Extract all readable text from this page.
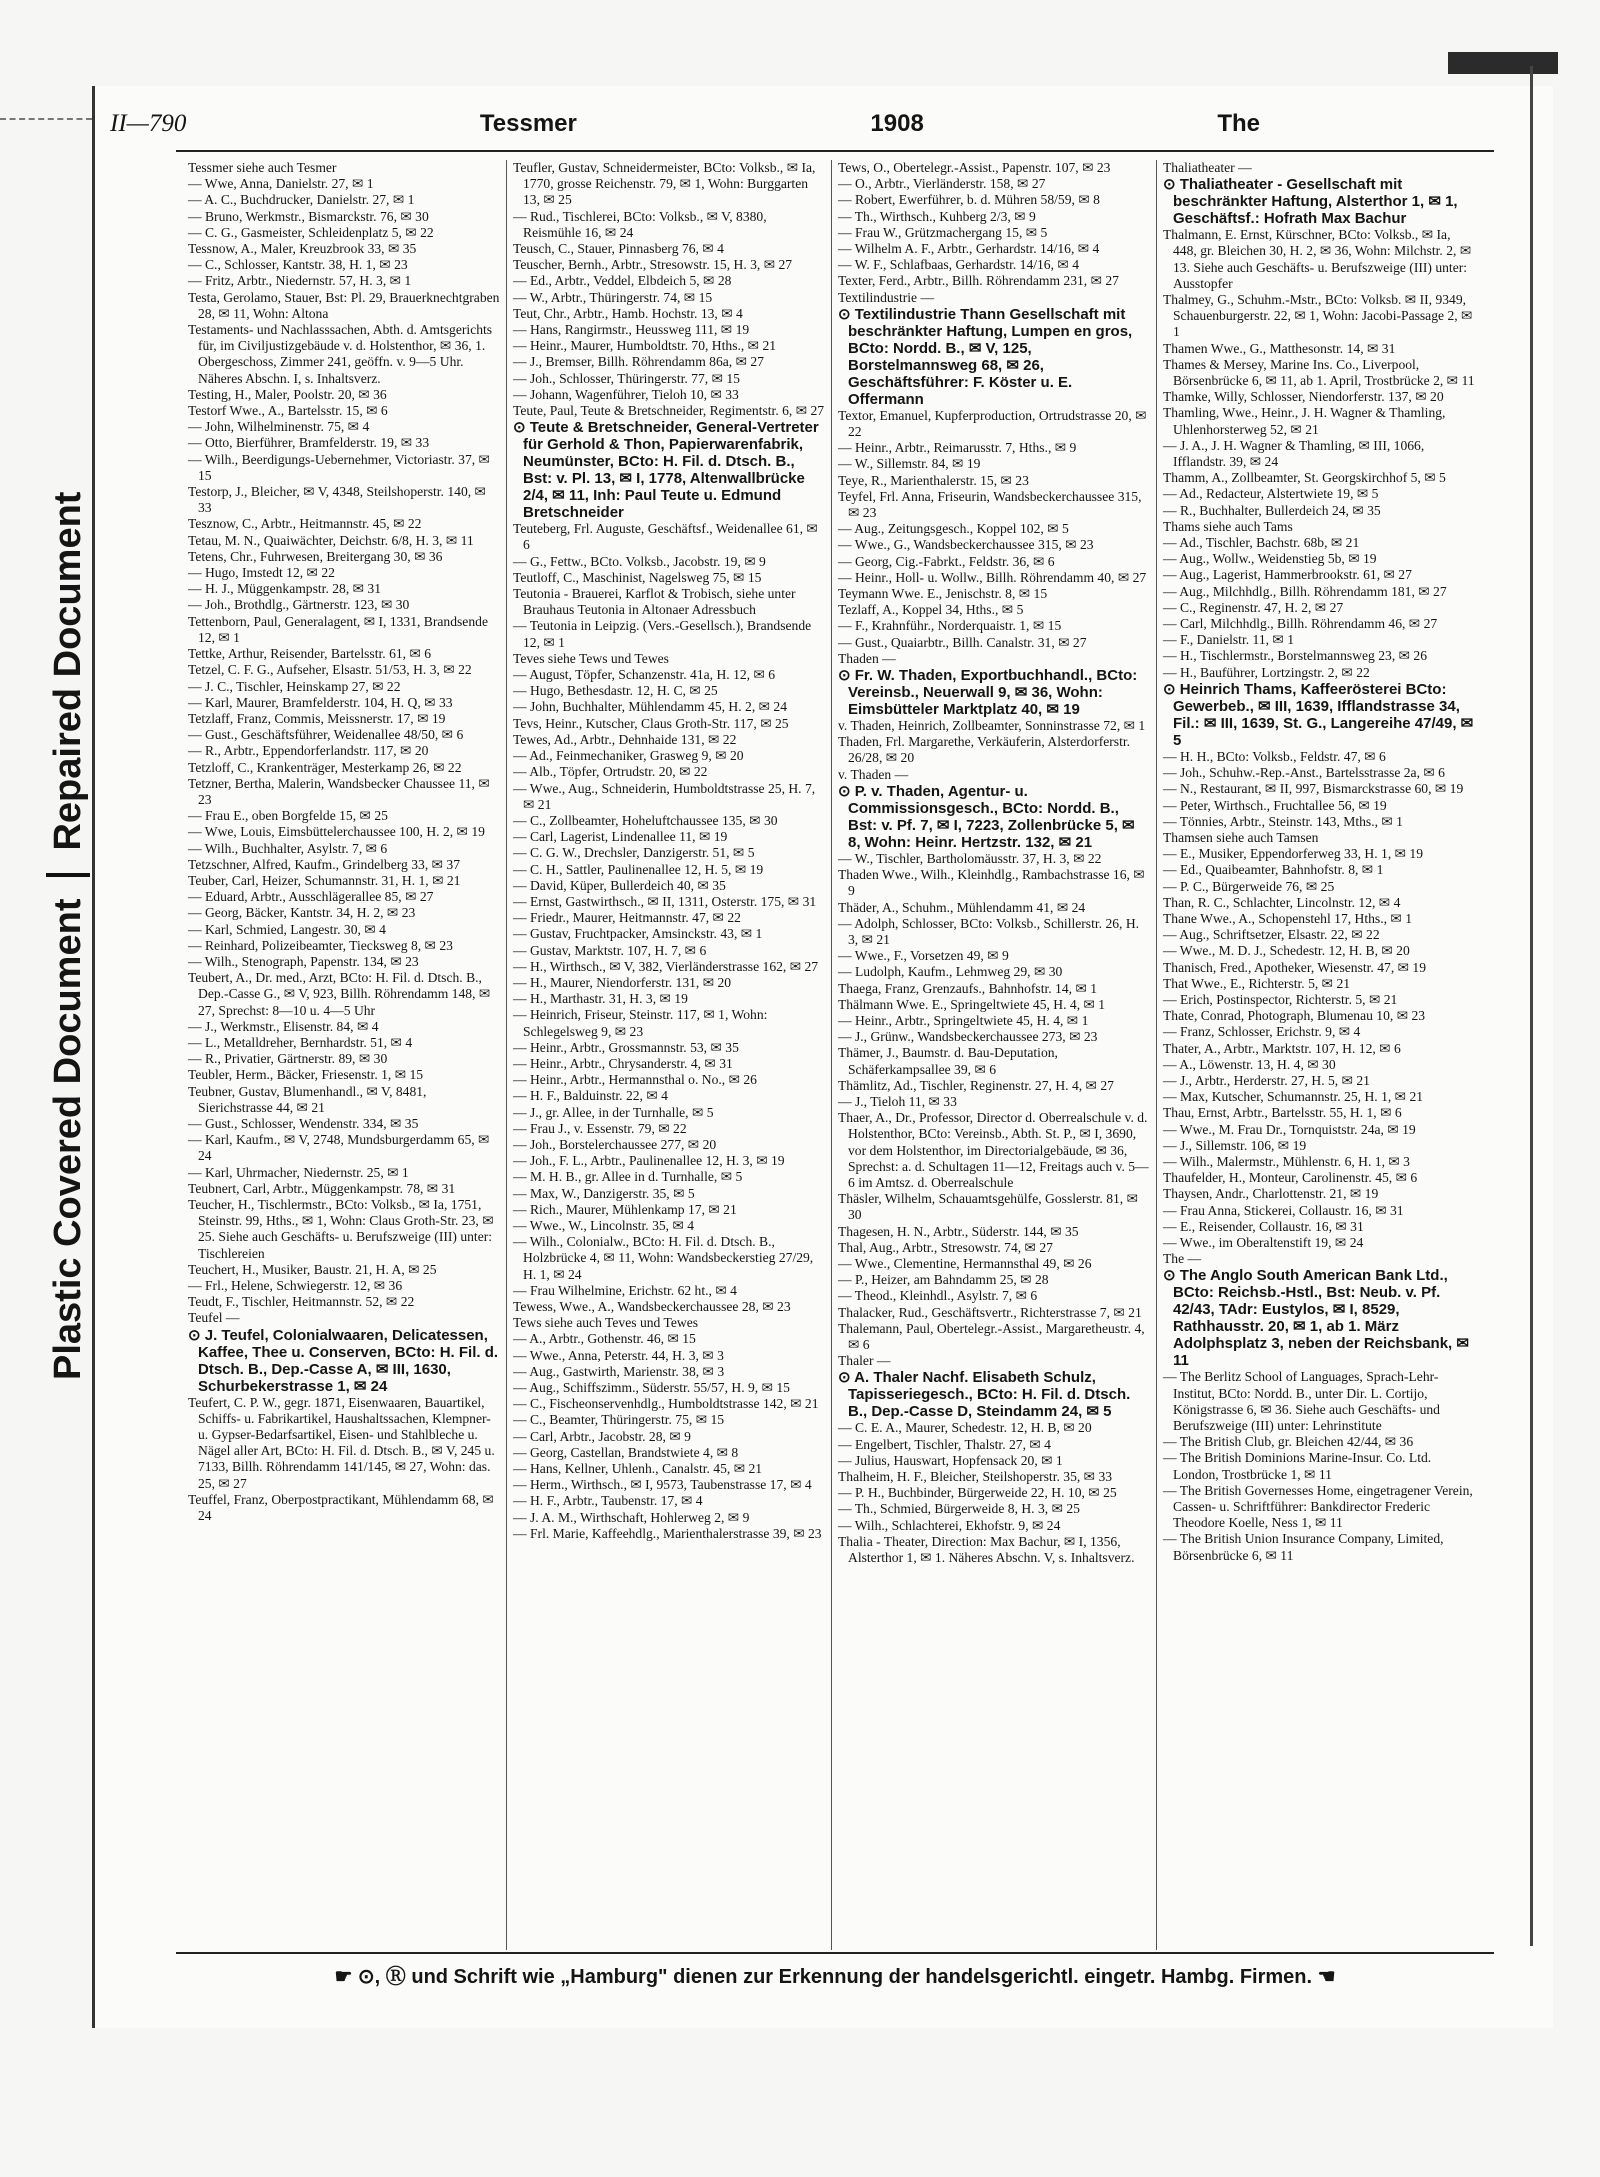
Plastic Covered Document
Repaired Document
II—790	Tessmer	1908	The

Tessmer siehe auch Tesmer

— Wwe, Anna, Danielstr. 27, ✉ 1

— A. C., Buchdrucker, Danielstr. 27, ✉ 1

— Bruno, Werkmstr., Bismarckstr. 76, ✉ 30

— C. G., Gasmeister, Schleidenplatz 5, ✉ 22

Tessnow, A., Maler, Kreuzbrook 33, ✉ 35

— C., Schlosser, Kantstr. 38, H. 1, ✉ 23

— Fritz, Arbtr., Niedernstr. 57, H. 3, ✉ 1

Testa, Gerolamo, Stauer, Bst: Pl. 29, Brauerknechtgraben 28, ✉ 11, Wohn: Altona

Testaments- und Nachlasssachen, Abth. d. Amtsgerichts für, im Civiljustizgebäude v. d. Holstenthor, ✉ 36, 1. Obergeschoss, Zimmer 241, geöffn. v. 9—5 Uhr. Näheres Abschn. I, s. Inhaltsverz.

Testing, H., Maler, Poolstr. 20, ✉ 36

Testorf Wwe., A., Bartelsstr. 15, ✉ 6

— John, Wilhelminenstr. 75, ✉ 4

— Otto, Bierführer, Bramfelderstr. 19, ✉ 33

— Wilh., Beerdigungs-Uebernehmer, Victoriastr. 37, ✉ 15

Testorp, J., Bleicher, ✉ V, 4348, Steilshoperstr. 140, ✉ 33

Tesznow, C., Arbtr., Heitmannstr. 45, ✉ 22

Tetau, M. N., Quaiwächter, Deichstr. 6/8, H. 3, ✉ 11

Tetens, Chr., Fuhrwesen, Breitergang 30, ✉ 36

— Hugo, Imstedt 12, ✉ 22

— H. J., Müggenkampstr. 28, ✉ 31

— Joh., Brothdlg., Gärtnerstr. 123, ✉ 30

Tettenborn, Paul, Generalagent, ✉ I, 1331, Brandsende 12, ✉ 1

Tettke, Arthur, Reisender, Bartelsstr. 61, ✉ 6

Tetzel, C. F. G., Aufseher, Elsastr. 51/53, H. 3, ✉ 22

— J. C., Tischler, Heinskamp 27, ✉ 22

— Karl, Maurer, Bramfelderstr. 104, H. Q, ✉ 33

Tetzlaff, Franz, Commis, Meissnerstr. 17, ✉ 19

— Gust., Geschäftsführer, Weidenallee 48/50, ✉ 6

— R., Arbtr., Eppendorferlandstr. 117, ✉ 20

Tetzloff, C., Krankenträger, Mesterkamp 26, ✉ 22

Tetzner, Bertha, Malerin, Wandsbecker Chaussee 11, ✉ 23

— Frau E., oben Borgfelde 15, ✉ 25

— Wwe, Louis, Eimsbüttelerchaussee 100, H. 2, ✉ 19

— Wilh., Buchhalter, Asylstr. 7, ✉ 6

Tetzschner, Alfred, Kaufm., Grindelberg 33, ✉ 37

Teuber, Carl, Heizer, Schumannstr. 31, H. 1, ✉ 21

— Eduard, Arbtr., Ausschlägerallee 85, ✉ 27

— Georg, Bäcker, Kantstr. 34, H. 2, ✉ 23

— Karl, Schmied, Langestr. 30, ✉ 4

— Reinhard, Polizeibeamter, Tiecksweg 8, ✉ 23

— Wilh., Stenograph, Papenstr. 134, ✉ 23

Teubert, A., Dr. med., Arzt, BCto: H. Fil. d. Dtsch. B., Dep.-Casse G., ✉ V, 923, Billh. Röhrendamm 148, ✉ 27, Sprechst: 8—10 u. 4—5 Uhr

— J., Werkmstr., Elisenstr. 84, ✉ 4

— L., Metalldreher, Bernhardstr. 51, ✉ 4

— R., Privatier, Gärtnerstr. 89, ✉ 30

Teubler, Herm., Bäcker, Friesenstr. 1, ✉ 15

Teubner, Gustav, Blumenhandl., ✉ V, 8481, Sierichstrasse 44, ✉ 21

— Gust., Schlosser, Wendenstr. 334, ✉ 35

— Karl, Kaufm., ✉ V, 2748, Mundsburgerdamm 65, ✉ 24

— Karl, Uhrmacher, Niedernstr. 25, ✉ 1

Teubnert, Carl, Arbtr., Müggenkampstr. 78, ✉ 31

Teucher, H., Tischlermstr., BCto: Volksb., ✉ Ia, 1751, Steinstr. 99, Hths., ✉ 1, Wohn: Claus Groth-Str. 23, ✉ 25. Siehe auch Geschäfts- u. Berufszweige (III) unter: Tischlereien

Teuchert, H., Musiker, Baustr. 21, H. A, ✉ 25

— Frl., Helene, Schwiegerstr. 12, ✉ 36

Teudt, F., Tischler, Heitmannstr. 52, ✉ 22

Teufel —

⊙ J. Teufel, Colonialwaaren, Delicatessen, Kaffee, Thee u. Conserven, BCto: H. Fil. d. Dtsch. B., Dep.-Casse A, ✉ III, 1630, Schurbekerstrasse 1, ✉ 24

Teufert, C. P. W., gegr. 1871, Eisenwaaren, Bauartikel, Schiffs- u. Fabrikartikel, Haushaltssachen, Klempner- u. Gypser-Bedarfsartikel, Eisen- und Stahlbleche u. Nägel aller Art, BCto: H. Fil. d. Dtsch. B., ✉ V, 245 u. 7133, Billh. Röhrendamm 141/145, ✉ 27, Wohn: das. 25, ✉ 27

Teuffel, Franz, Oberpostpractikant, Mühlendamm 68, ✉ 24

Teufler, Gustav, Schneidermeister, BCto: Volksb., ✉ Ia, 1770, grosse Reichenstr. 79, ✉ 1, Wohn: Burggarten 13, ✉ 25

— Rud., Tischlerei, BCto: Volksb., ✉ V, 8380, Reismühle 16, ✉ 24

Teusch, C., Stauer, Pinnasberg 76, ✉ 4

Teuscher, Bernh., Arbtr., Stresowstr. 15, H. 3, ✉ 27

— Ed., Arbtr., Veddel, Elbdeich 5, ✉ 28

— W., Arbtr., Thüringerstr. 74, ✉ 15

Teut, Chr., Arbtr., Hamb. Hochstr. 13, ✉ 4

— Hans, Rangirmstr., Heussweg 111, ✉ 19

— Heinr., Maurer, Humboldtstr. 70, Hths., ✉ 21

— J., Bremser, Billh. Röhrendamm 86a, ✉ 27

— Joh., Schlosser, Thüringerstr. 77, ✉ 15

— Johann, Wagenführer, Tieloh 10, ✉ 33

Teute, Paul, Teute & Bretschneider, Regimentstr. 6, ✉ 27

⊙ Teute & Bretschneider, General-Vertreter für Gerhold & Thon, Papierwarenfabrik, Neumünster, BCto: H. Fil. d. Dtsch. B., Bst: v. Pl. 13, ✉ I, 1778, Altenwallbrücke 2/4, ✉ 11, Inh: Paul Teute u. Edmund Bretschneider

Teuteberg, Frl. Auguste, Geschäftsf., Weidenallee 61, ✉ 6

— G., Fettw., BCto. Volksb., Jacobstr. 19, ✉ 9

Teutloff, C., Maschinist, Nagelsweg 75, ✉ 15

Teutonia - Brauerei, Karflot & Trobisch, siehe unter Brauhaus Teutonia in Altonaer Adressbuch

— Teutonia in Leipzig. (Vers.-Gesellsch.), Brandsende 12, ✉ 1

Teves siehe Tews und Tewes

— August, Töpfer, Schanzenstr. 41a, H. 12, ✉ 6

— Hugo, Bethesdastr. 12, H. C, ✉ 25

— John, Buchhalter, Mühlendamm 45, H. 2, ✉ 24

Tevs, Heinr., Kutscher, Claus Groth-Str. 117, ✉ 25

Tewes, Ad., Arbtr., Dehnhaide 131, ✉ 22

— Ad., Feinmechaniker, Grasweg 9, ✉ 20

— Alb., Töpfer, Ortrudstr. 20, ✉ 22

— Wwe., Aug., Schneiderin, Humboldtstrasse 25, H. 7, ✉ 21

— C., Zollbeamter, Hoheluftchaussee 135, ✉ 30

— Carl, Lagerist, Lindenallee 11, ✉ 19

— C. G. W., Drechsler, Danzigerstr. 51, ✉ 5

— C. H., Sattler, Paulinenallee 12, H. 5, ✉ 19

— David, Küper, Bullerdeich 40, ✉ 35

— Ernst, Gastwirthsch., ✉ II, 1311, Osterstr. 175, ✉ 31

— Friedr., Maurer, Heitmannstr. 47, ✉ 22

— Gustav, Fruchtpacker, Amsinckstr. 43, ✉ 1

— Gustav, Marktstr. 107, H. 7, ✉ 6

— H., Wirthsch., ✉ V, 382, Vierländerstrasse 162, ✉ 27

— H., Maurer, Niendorferstr. 131, ✉ 20

— H., Marthastr. 31, H. 3, ✉ 19

— Heinrich, Friseur, Steinstr. 117, ✉ 1, Wohn: Schlegelsweg 9, ✉ 23

— Heinr., Arbtr., Grossmannstr. 53, ✉ 35

— Heinr., Arbtr., Chrysanderstr. 4, ✉ 31

— Heinr., Arbtr., Hermannsthal o. No., ✉ 26

— H. F., Balduinstr. 22, ✉ 4

— J., gr. Allee, in der Turnhalle, ✉ 5

— Frau J., v. Essenstr. 79, ✉ 22

— Joh., Borstelerchaussee 277, ✉ 20

— Joh., F. L., Arbtr., Paulinenallee 12, H. 3, ✉ 19

— M. H. B., gr. Allee in d. Turnhalle, ✉ 5

— Max, W., Danzigerstr. 35, ✉ 5

— Rich., Maurer, Mühlenkamp 17, ✉ 21

— Wwe., W., Lincolnstr. 35, ✉ 4

— Wilh., Colonialw., BCto: H. Fil. d. Dtsch. B., Holzbrücke 4, ✉ 11, Wohn: Wandsbeckerstieg 27/29, H. 1, ✉ 24

— Frau Wilhelmine, Erichstr. 62 ht., ✉ 4

Tewess, Wwe., A., Wandsbeckerchaussee 28, ✉ 23

Tews siehe auch Teves und Tewes

— A., Arbtr., Gothenstr. 46, ✉ 15

— Wwe., Anna, Peterstr. 44, H. 3, ✉ 3

— Aug., Gastwirth, Marienstr. 38, ✉ 3

— Aug., Schiffszimm., Süderstr. 55/57, H. 9, ✉ 15

— C., Fischeonservenhdlg., Humboldtstrasse 142, ✉ 21

— C., Beamter, Thüringerstr. 75, ✉ 15

— Carl, Arbtr., Jacobstr. 28, ✉ 9

— Georg, Castellan, Brandstwiete 4, ✉ 8

— Hans, Kellner, Uhlenh., Canalstr. 45, ✉ 21

— Herm., Wirthsch., ✉ I, 9573, Taubenstrasse 17, ✉ 4

— H. F., Arbtr., Taubenstr. 17, ✉ 4

— J. A. M., Wirthschaft, Hohlerweg 2, ✉ 9

— Frl. Marie, Kaffeehdlg., Marienthalerstrasse 39, ✉ 23

Tews, O., Obertelegr.-Assist., Papenstr. 107, ✉ 23

— O., Arbtr., Vierländerstr. 158, ✉ 27

— Robert, Ewerführer, b. d. Mühren 58/59, ✉ 8

— Th., Wirthsch., Kuhberg 2/3, ✉ 9

— Frau W., Grützmachergang 15, ✉ 5

— Wilhelm A. F., Arbtr., Gerhardstr. 14/16, ✉ 4

— W. F., Schlafbaas, Gerhardstr. 14/16, ✉ 4

Texter, Ferd., Arbtr., Billh. Röhrendamm 231, ✉ 27

Textilindustrie —

⊙ Textilindustrie Thann Gesellschaft mit beschränkter Haftung, Lumpen en gros, BCto: Nordd. B., ✉ V, 125, Borstelmannsweg 68, ✉ 26, Geschäftsführer: F. Köster u. E. Offermann

Textor, Emanuel, Kupferproduction, Ortrudstrasse 20, ✉ 22

— Heinr., Arbtr., Reimarusstr. 7, Hths., ✉ 9

— W., Sillemstr. 84, ✉ 19

Teye, R., Marienthalerstr. 15, ✉ 23

Teyfel, Frl. Anna, Friseurin, Wandsbeckerchaussee 315, ✉ 23

— Aug., Zeitungsgesch., Koppel 102, ✉ 5

— Wwe., G., Wandsbeckerchaussee 315, ✉ 23

— Georg, Cig.-Fabrkt., Feldstr. 36, ✉ 6

— Heinr., Holl- u. Wollw., Billh. Röhrendamm 40, ✉ 27

Teymann Wwe. E., Jenischstr. 8, ✉ 15

Tezlaff, A., Koppel 34, Hths., ✉ 5

— F., Krahnführ., Norderquaistr. 1, ✉ 15

— Gust., Quaiarbtr., Billh. Canalstr. 31, ✉ 27

Thaden —

⊙ Fr. W. Thaden, Exportbuchhandl., BCto: Vereinsb., Neuerwall 9, ✉ 36, Wohn: Eimsbütteler Marktplatz 40, ✉ 19

v. Thaden, Heinrich, Zollbeamter, Sonninstrasse 72, ✉ 1

Thaden, Frl. Margarethe, Verkäuferin, Alsterdorferstr. 26/28, ✉ 20

v. Thaden —

⊙ P. v. Thaden, Agentur- u. Commissionsgesch., BCto: Nordd. B., Bst: v. Pf. 7, ✉ I, 7223, Zollenbrücke 5, ✉ 8, Wohn: Heinr. Hertzstr. 132, ✉ 21

— W., Tischler, Bartholomäusstr. 37, H. 3, ✉ 22

Thaden Wwe., Wilh., Kleinhdlg., Rambachstrasse 16, ✉ 9

Thäder, A., Schuhm., Mühlendamm 41, ✉ 24

— Adolph, Schlosser, BCto: Volksb., Schillerstr. 26, H. 3, ✉ 21

— Wwe., F., Vorsetzen 49, ✉ 9

— Ludolph, Kaufm., Lehmweg 29, ✉ 30

Thaega, Franz, Grenzaufs., Bahnhofstr. 14, ✉ 1

Thälmann Wwe. E., Springeltwiete 45, H. 4, ✉ 1

— Heinr., Arbtr., Springeltwiete 45, H. 4, ✉ 1

— J., Grünw., Wandsbeckerchaussee 273, ✉ 23

Thämer, J., Baumstr. d. Bau-Deputation, Schäferkampsallee 39, ✉ 6

Thämlitz, Ad., Tischler, Reginenstr. 27, H. 4, ✉ 27

— J., Tieloh 11, ✉ 33

Thaer, A., Dr., Professor, Director d. Oberrealschule v. d. Holstenthor, BCto: Vereinsb., Abth. St. P., ✉ I, 3690, vor dem Holstenthor, im Directorialgebäude, ✉ 36, Sprechst: a. d. Schultagen 11—12, Freitags auch v. 5—6 im Amtsz. d. Oberrealschule

Thäsler, Wilhelm, Schauamtsgehülfe, Gosslerstr. 81, ✉ 30

Thagesen, H. N., Arbtr., Süderstr. 144, ✉ 35

Thal, Aug., Arbtr., Stresowstr. 74, ✉ 27

— Wwe., Clementine, Hermannsthal 49, ✉ 26

— P., Heizer, am Bahndamm 25, ✉ 28

— Theod., Kleinhdl., Asylstr. 7, ✉ 6

Thalacker, Rud., Geschäftsvertr., Richterstrasse 7, ✉ 21

Thalemann, Paul, Obertelegr.-Assist., Margaretheustr. 4, ✉ 6

Thaler —

⊙ A. Thaler Nachf. Elisabeth Schulz, Tapisseriegesch., BCto: H. Fil. d. Dtsch. B., Dep.-Casse D, Steindamm 24, ✉ 5

— C. E. A., Maurer, Schedestr. 12, H. B, ✉ 20

— Engelbert, Tischler, Thalstr. 27, ✉ 4

— Julius, Hauswart, Hopfensack 20, ✉ 1

Thalheim, H. F., Bleicher, Steilshoperstr. 35, ✉ 33

— P. H., Buchbinder, Bürgerweide 22, H. 10, ✉ 25

— Th., Schmied, Bürgerweide 8, H. 3, ✉ 25

— Wilh., Schlachterei, Ekhofstr. 9, ✉ 24

Thalia - Theater, Direction: Max Bachur, ✉ I, 1356, Alsterthor 1, ✉ 1. Näheres Abschn. V, s. Inhaltsverz.

Thaliatheater —

⊙ Thaliatheater - Gesellschaft mit beschränkter Haftung, Alsterthor 1, ✉ 1, Geschäftsf.: Hofrath Max Bachur

Thalmann, E. Ernst, Kürschner, BCto: Volksb., ✉ Ia, 448, gr. Bleichen 30, H. 2, ✉ 36, Wohn: Milchstr. 2, ✉ 13. Siehe auch Geschäfts- u. Berufszweige (III) unter: Ausstopfer

Thalmey, G., Schuhm.-Mstr., BCto: Volksb. ✉ II, 9349, Schauenburgerstr. 22, ✉ 1, Wohn: Jacobi-Passage 2, ✉ 1

Thamen Wwe., G., Matthesonstr. 14, ✉ 31

Thames & Mersey, Marine Ins. Co., Liverpool, Börsenbrücke 6, ✉ 11, ab 1. April, Trostbrücke 2, ✉ 11

Thamke, Willy, Schlosser, Niendorferstr. 137, ✉ 20

Thamling, Wwe., Heinr., J. H. Wagner & Thamling, Uhlenhorsterweg 52, ✉ 21

— J. A., J. H. Wagner & Thamling, ✉ III, 1066, Ifflandstr. 39, ✉ 24

Thamm, A., Zollbeamter, St. Georgskirchhof 5, ✉ 5

— Ad., Redacteur, Alstertwiete 19, ✉ 5

— R., Buchhalter, Bullerdeich 24, ✉ 35

Thams siehe auch Tams

— Ad., Tischler, Bachstr. 68b, ✉ 21

— Aug., Wollw., Weidenstieg 5b, ✉ 19

— Aug., Lagerist, Hammerbrookstr. 61, ✉ 27

— Aug., Milchhdlg., Billh. Röhrendamm 181, ✉ 27

— C., Reginenstr. 47, H. 2, ✉ 27

— Carl, Milchhdlg., Billh. Röhrendamm 46, ✉ 27

— F., Danielstr. 11, ✉ 1

— H., Tischlermstr., Borstelmannsweg 23, ✉ 26

— H., Bauführer, Lortzingstr. 2, ✉ 22

⊙ Heinrich Thams, Kaffeerösterei BCto: Gewerbeb., ✉ III, 1639, Ifflandstrasse 34, Fil.: ✉ III, 1639, St. G., Langereihe 47/49, ✉ 5

— H. H., BCto: Volksb., Feldstr. 47, ✉ 6

— Joh., Schuhw.-Rep.-Anst., Bartelsstrasse 2a, ✉ 6

— N., Restaurant, ✉ II, 997, Bismarckstrasse 60, ✉ 19

— Peter, Wirthsch., Fruchtallee 56, ✉ 19

— Tönnies, Arbtr., Steinstr. 143, Mths., ✉ 1

Thamsen siehe auch Tamsen

— E., Musiker, Eppendorferweg 33, H. 1, ✉ 19

— Ed., Quaibeamter, Bahnhofstr. 8, ✉ 1

— P. C., Bürgerweide 76, ✉ 25

Than, R. C., Schlachter, Lincolnstr. 12, ✉ 4

Thane Wwe., A., Schopenstehl 17, Hths., ✉ 1

— Aug., Schriftsetzer, Elsastr. 22, ✉ 22

— Wwe., M. D. J., Schedestr. 12, H. B, ✉ 20

Thanisch, Fred., Apotheker, Wiesenstr. 47, ✉ 19

That Wwe., E., Richterstr. 5, ✉ 21

— Erich, Postinspector, Richterstr. 5, ✉ 21

Thate, Conrad, Photograph, Blumenau 10, ✉ 23

— Franz, Schlosser, Erichstr. 9, ✉ 4

Thater, A., Arbtr., Marktstr. 107, H. 12, ✉ 6

— A., Löwenstr. 13, H. 4, ✉ 30

— J., Arbtr., Herderstr. 27, H. 5, ✉ 21

— Max, Kutscher, Schumannstr. 25, H. 1, ✉ 21

Thau, Ernst, Arbtr., Bartelsstr. 55, H. 1, ✉ 6

— Wwe., M. Frau Dr., Tornquiststr. 24a, ✉ 19

— J., Sillemstr. 106, ✉ 19

— Wilh., Malermstr., Mühlenstr. 6, H. 1, ✉ 3

Thaufelder, H., Monteur, Carolinenstr. 45, ✉ 6

Thaysen, Andr., Charlottenstr. 21, ✉ 19

— Frau Anna, Stickerei, Collaustr. 16, ✉ 31

— E., Reisender, Collaustr. 16, ✉ 31

— Wwe., im Oberaltenstift 19, ✉ 24

The —

⊙ The Anglo South American Bank Ltd., BCto: Reichsb.-Hstl., Bst: Neub. v. Pf. 42/43, TAdr: Eustylos, ✉ I, 8529, Rathhausstr. 20, ✉ 1, ab 1. März Adolphsplatz 3, neben der Reichsbank, ✉ 11

— The Berlitz School of Languages, Sprach-Lehr-Institut, BCto: Nordd. B., unter Dir. L. Cortijo, Königstrasse 6, ✉ 36. Siehe auch Geschäfts- und Berufszweige (III) unter: Lehrinstitute

— The British Club, gr. Bleichen 42/44, ✉ 36

— The British Dominions Marine-Insur. Co. Ltd. London, Trostbrücke 1, ✉ 11

— The British Governesses Home, eingetragener Verein, Cassen- u. Schriftführer: Bankdirector Frederic Theodore Koelle, Ness 1, ✉ 11

— The British Union Insurance Company, Limited, Börsenbrücke 6, ✉ 11

☛ ⊙, Ⓡ und Schrift wie „Hamburg" dienen zur Erkennung der handelsgerichtl. eingetr. Hambg. Firmen. ☚
